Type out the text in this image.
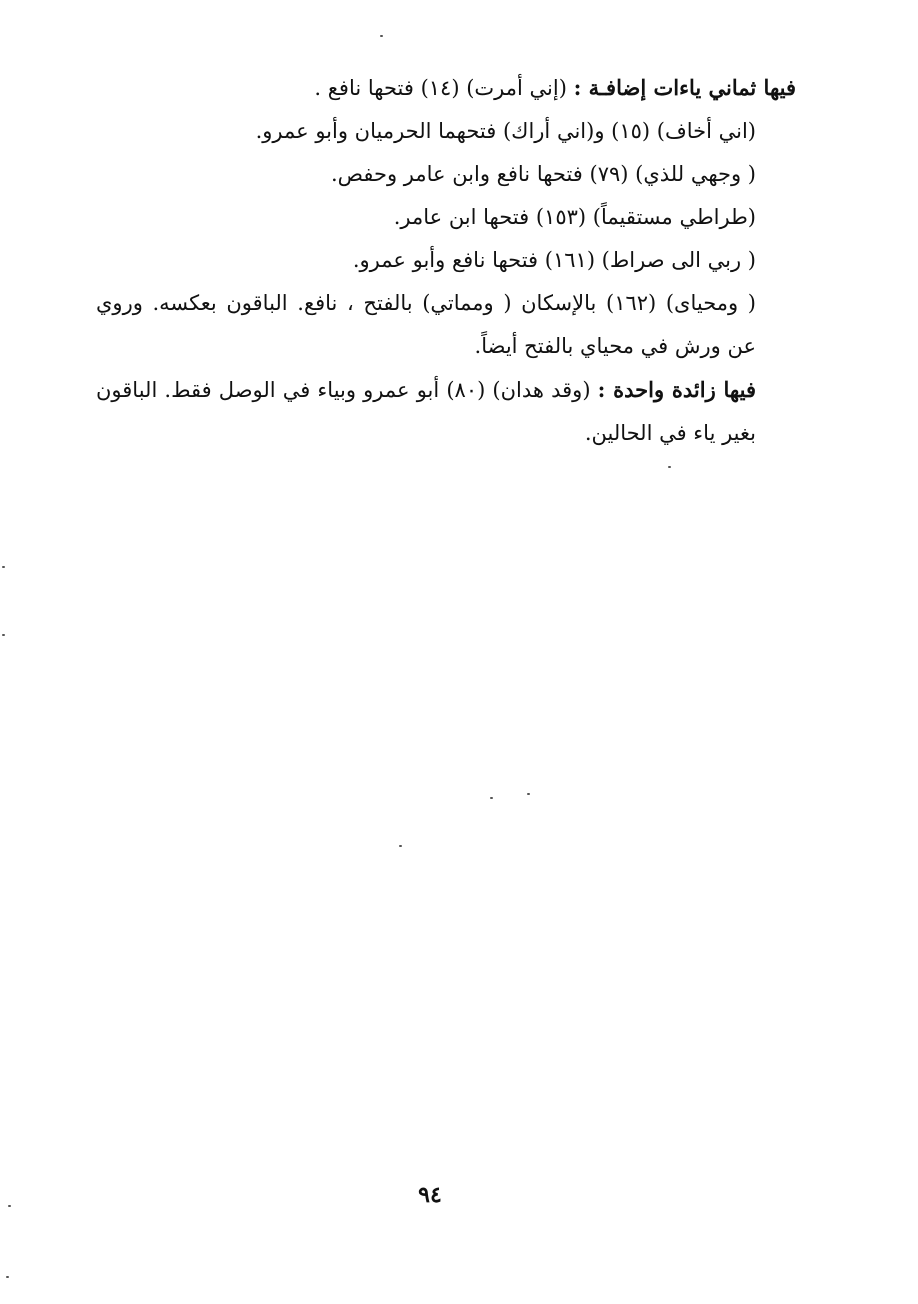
فيها ثماني ياءات إضافـة : (إني أمرت) (١٤) فتحها نافع .

(اني أخاف) (١٥) و(اني أراك) فتحهما الحرميان وأبو عمرو.

( وجهي للذي) (٧٩) فتحها نافع وابن عامر وحفص.

(طراطي مستقيماً) (١٥٣) فتحها ابن عامر.

( ربي الى صراط) (١٦١) فتحها نافع وأبو عمرو.

( ومحياى) (١٦٢) بالإسكان ( ومماتي) بالفتح ، نافع. الباقون بعكسه. وروي عن ورش في محياي بالفتح أيضاً.

فيها زائدة واحدة : (وقد هدان) (٨٠) أبو عمرو وبياء في الوصل فقط. الباقون بغير ياء في الحالين.

٩٤
